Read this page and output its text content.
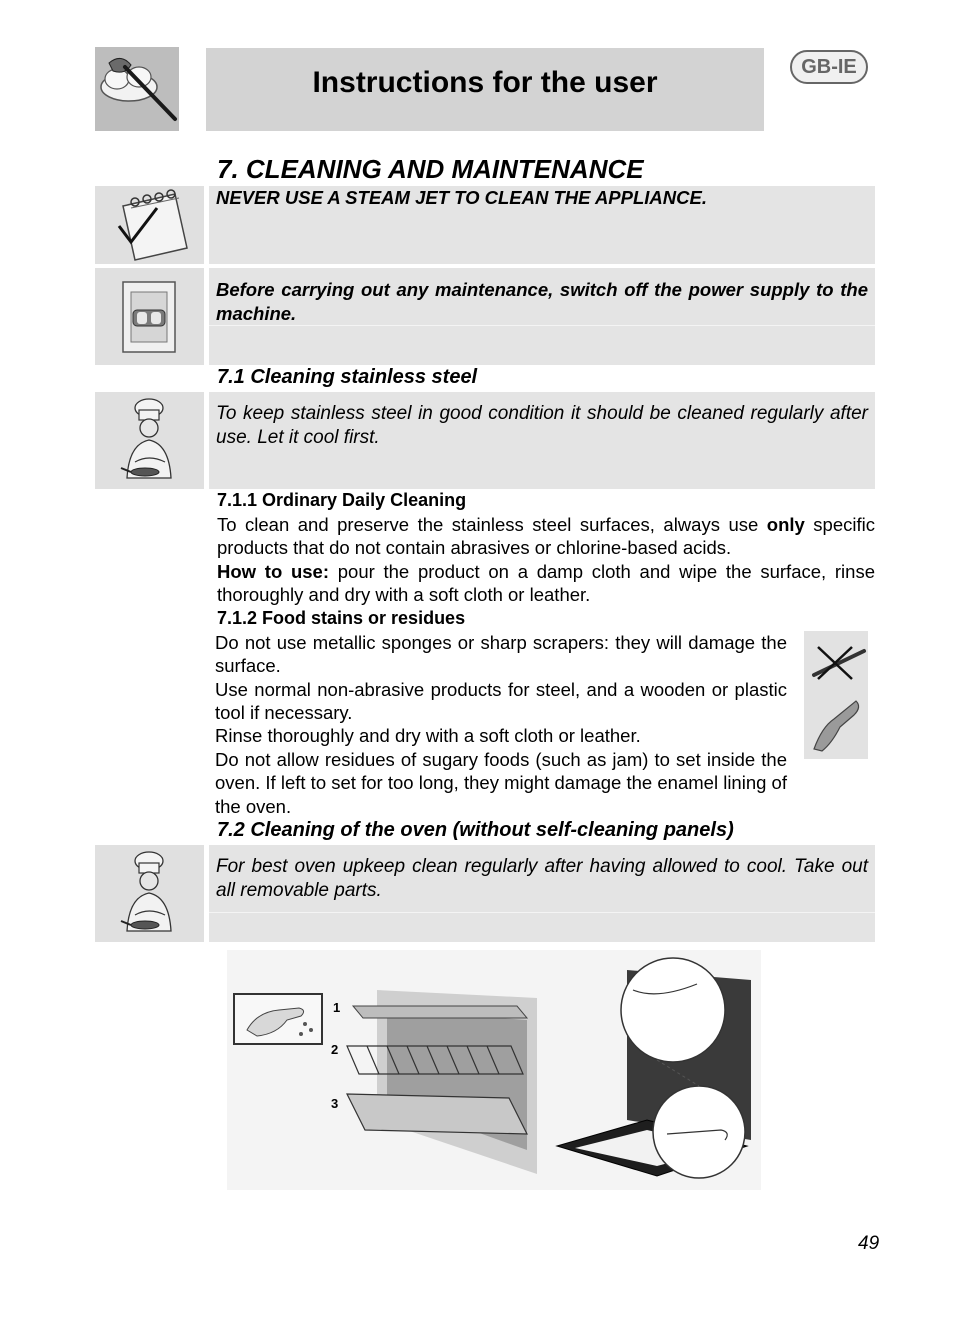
Instructions for the user	GB-IE
7. CLEANING AND MAINTENANCE

NEVER USE A STEAM JET TO CLEAN THE APPLIANCE.

Before carrying out any maintenance, switch off the power supply to the machine.

7.1 Cleaning stainless steel

To keep stainless steel in good condition it should be cleaned regularly after use. Let it cool first.

7.1.1 Ordinary Daily Cleaning

To clean and preserve the stainless steel surfaces, always use only specific products that do not contain abrasives or chlorine-based acids.

How to use: pour the product on a damp cloth and wipe the surface, rinse thoroughly and dry with a soft cloth or leather.

7.1.2 Food stains or residues

Do not use metallic sponges or sharp scrapers: they will damage the surface.

Use normal non-abrasive products for steel, and a wooden or plastic tool if necessary.

Rinse thoroughly and dry with a soft cloth or leather.

Do not allow residues of sugary foods (such as jam) to set inside the oven. If left to set for too long, they might damage the enamel lining of the oven.

7.2 Cleaning of the oven (without self-cleaning panels)

For best oven upkeep clean regularly after having allowed to cool. Take out all removable parts.

1
2
3
49
